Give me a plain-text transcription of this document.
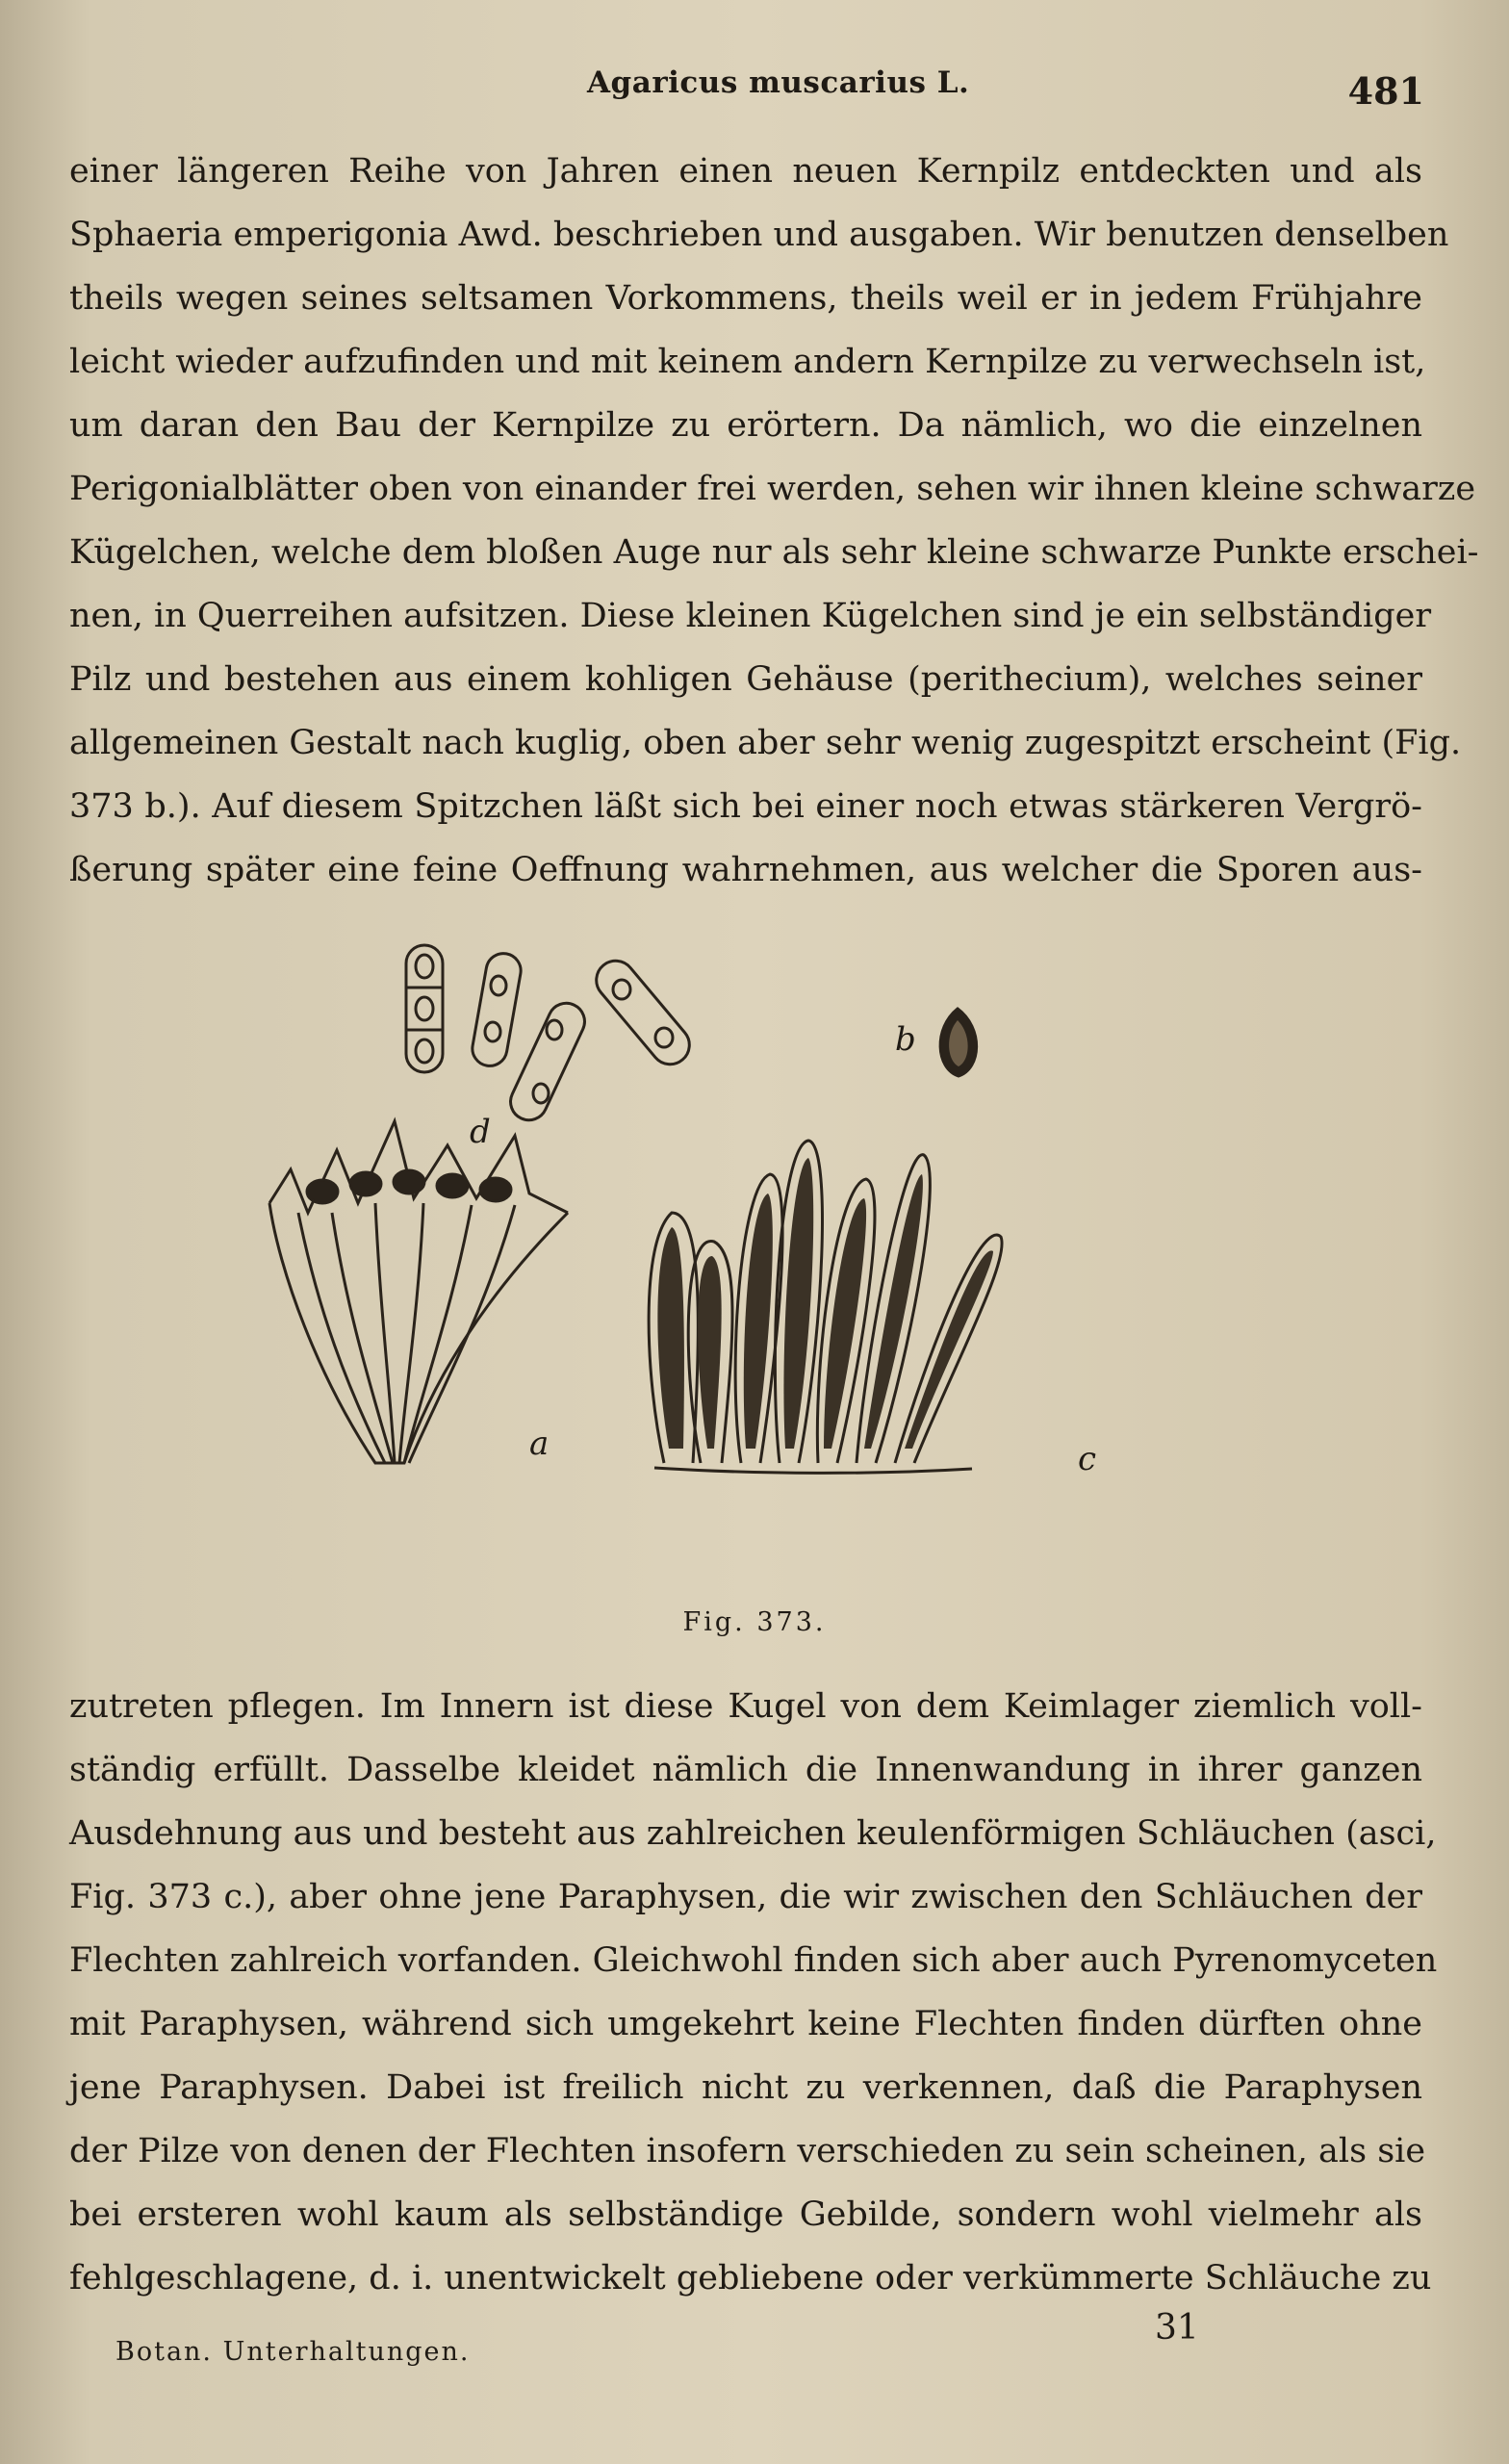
Agaricus muscarius L.	481
einer längeren Reihe von Jahren einen neuen Kernpilz entdeckten und als
Sphaeria emperigonia Awd. beschrieben und ausgaben. Wir benutzen denselben
theils wegen seines seltsamen Vorkommens, theils weil er in jedem Frühjahre
leicht wieder aufzufinden und mit keinem andern Kernpilze zu verwechseln ist,
um daran den Bau der Kernpilze zu erörtern. Da nämlich, wo die einzelnen
Perigonialblätter oben von einander frei werden, sehen wir ihnen kleine schwarze
Kügelchen, welche dem bloßen Auge nur als sehr kleine schwarze Punkte erschei-
nen, in Querreihen aufsitzen. Diese kleinen Kügelchen sind je ein selbständiger
Pilz und bestehen aus einem kohligen Gehäuse (perithecium), welches seiner
allgemeinen Gestalt nach kuglig, oben aber sehr wenig zugespitzt erscheint (Fig.
373 b.). Auf diesem Spitzchen läßt sich bei einer noch etwas stärkeren Vergrö-
ßerung später eine feine Oeffnung wahrnehmen, aus welcher die Sporen aus-
d
b
a	c
Fig. 373.
zutreten pflegen. Im Innern ist diese Kugel von dem Keimlager ziemlich voll-
ständig erfüllt. Dasselbe kleidet nämlich die Innenwandung in ihrer ganzen
Ausdehnung aus und besteht aus zahlreichen keulenförmigen Schläuchen (asci,
Fig. 373 c.), aber ohne jene Paraphysen, die wir zwischen den Schläuchen der
Flechten zahlreich vorfanden. Gleichwohl finden sich aber auch Pyrenomyceten
mit Paraphysen, während sich umgekehrt keine Flechten finden dürften ohne
jene Paraphysen. Dabei ist freilich nicht zu verkennen, daß die Paraphysen
der Pilze von denen der Flechten insofern verschieden zu sein scheinen, als sie
bei ersteren wohl kaum als selbständige Gebilde, sondern wohl vielmehr als
fehlgeschlagene, d. i. unentwickelt gebliebene oder verkümmerte Schläuche zu
Botan. Unterhaltungen.
31
